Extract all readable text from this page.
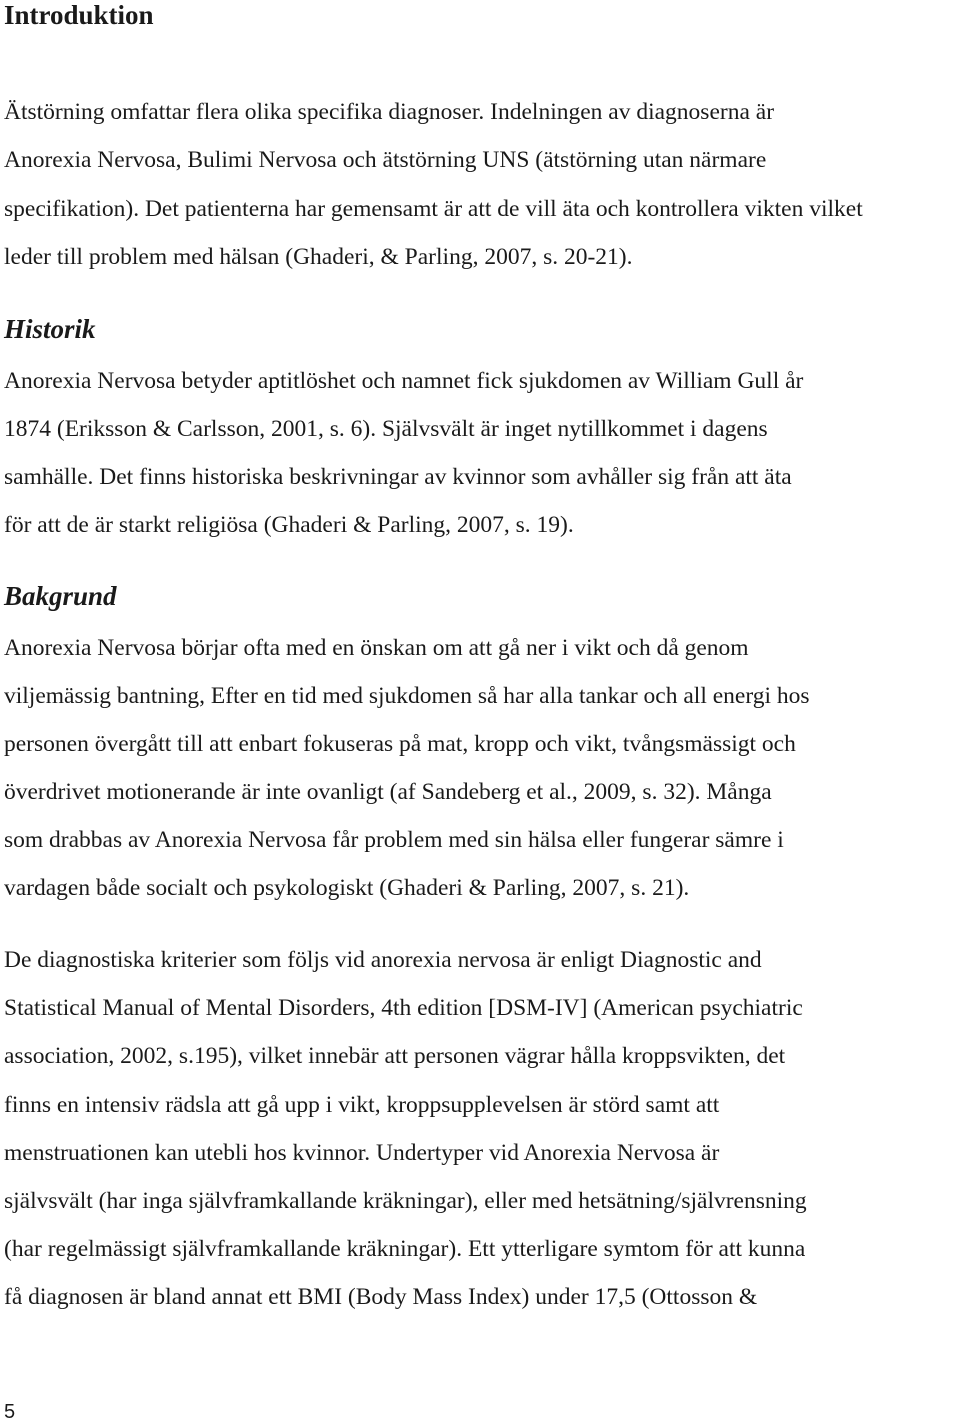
Introduktion

Ätstörning omfattar flera olika specifika diagnoser. Indelningen av diagnoserna är

Anorexia Nervosa, Bulimi Nervosa och ätstörning UNS (ätstörning utan närmare

specifikation). Det patienterna har gemensamt är att de vill äta och kontrollera vikten vilket

leder till problem med hälsan (Ghaderi, & Parling, 2007, s. 20-21).

Historik

Anorexia Nervosa betyder aptitlöshet och namnet fick sjukdomen av William Gull år

1874 (Eriksson & Carlsson, 2001, s. 6). Självsvält är inget nytillkommet i dagens

samhälle. Det finns historiska beskrivningar av kvinnor som avhåller sig från att äta

för att de är starkt religiösa (Ghaderi & Parling, 2007, s. 19).

Bakgrund

Anorexia Nervosa börjar ofta med en önskan om att gå ner i vikt och då genom

viljemässig bantning, Efter en tid med sjukdomen så har alla tankar och all energi hos

personen övergått till att enbart fokuseras på mat, kropp och vikt, tvångsmässigt och

överdrivet motionerande är inte ovanligt (af Sandeberg et al., 2009, s. 32). Många

som drabbas av Anorexia Nervosa får problem med sin hälsa eller fungerar sämre i

vardagen både socialt och psykologiskt (Ghaderi & Parling, 2007, s. 21).

De diagnostiska kriterier som följs vid anorexia nervosa är enligt Diagnostic and

Statistical Manual of Mental Disorders, 4th edition [DSM-IV] (American psychiatric

association, 2002, s.195), vilket innebär att personen vägrar hålla kroppsvikten, det

finns en intensiv rädsla att gå upp i vikt, kroppsupplevelsen är störd samt att

menstruationen kan utebli hos kvinnor. Undertyper vid Anorexia Nervosa är

självsvält (har inga självframkallande kräkningar), eller med hetsätning/självrensning

(har regelmässigt självframkallande kräkningar). Ett ytterligare symtom för att kunna

få diagnosen är bland annat ett BMI (Body Mass Index) under 17,5 (Ottosson &

5
